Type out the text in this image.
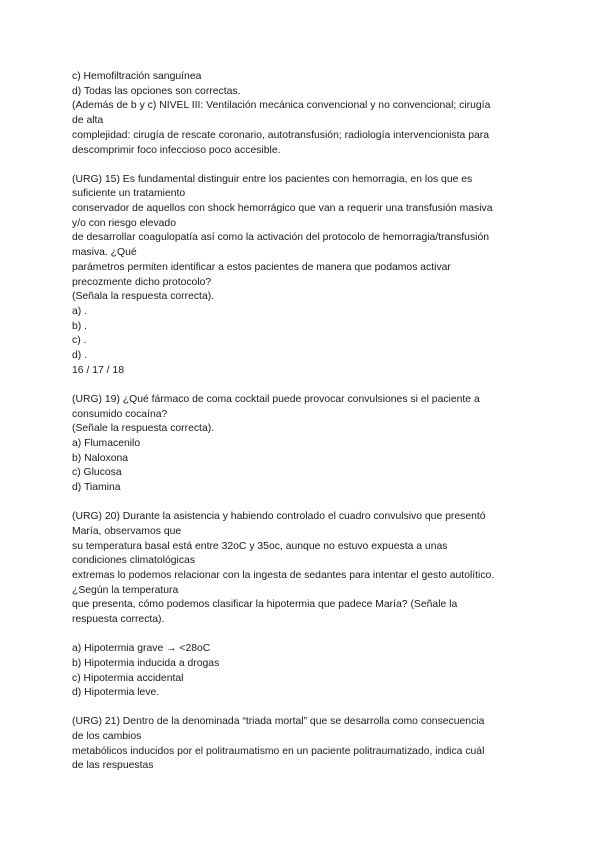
c) Hemofiltración sanguínea
d) Todas las opciones son correctas.
(Además de b y c) NIVEL III: Ventilación mecánica convencional y no convencional; cirugía
de alta
complejidad: cirugía de rescate coronario, autotransfusión; radiología intervencionista para
descomprimir foco infeccioso poco accesible.
(URG) 15) Es fundamental distinguir entre los pacientes con hemorragia, en los que es
suficiente un tratamiento
conservador de aquellos con shock hemorrágico que van a requerir una transfusión masiva
y/o con riesgo elevado
de desarrollar coagulopatía así como la activación del protocolo de hemorragia/transfusión
masiva. ¿Qué
parámetros permiten identificar a estos pacientes de manera que podamos activar
precozmente dicho protocolo?
(Señala la respuesta correcta).
a) .
b) .
c) .
d) .
16 / 17 / 18
(URG) 19) ¿Qué fármaco de coma cocktail puede provocar convulsiones si el paciente a
consumido cocaína?
(Señale la respuesta correcta).
a) Flumacenilo
b) Naloxona
c) Glucosa
d) Tiamina
(URG) 20) Durante la asistencia y habiendo controlado el cuadro convulsivo que presentó
María, observamos que
su temperatura basal está entre 32oC y 35oc, aunque no estuvo expuesta a unas
condiciones climatológicas
extremas lo podemos relacionar con la ingesta de sedantes para intentar el gesto autolítico.
¿Según la temperatura
que presenta, cómo podemos clasificar la hipotermia que padece María? (Señale la
respuesta correcta).
a) Hipotermia grave → <28oC
b) Hipotermia inducida a drogas
c) Hipotermia accidental
d) Hipotermia leve.
(URG) 21) Dentro de la denominada “triada mortal” que se desarrolla como consecuencia
de los cambios
metabólicos inducidos por el politraumatismo en un paciente politraumatizado, indica cuál
de las respuestas
